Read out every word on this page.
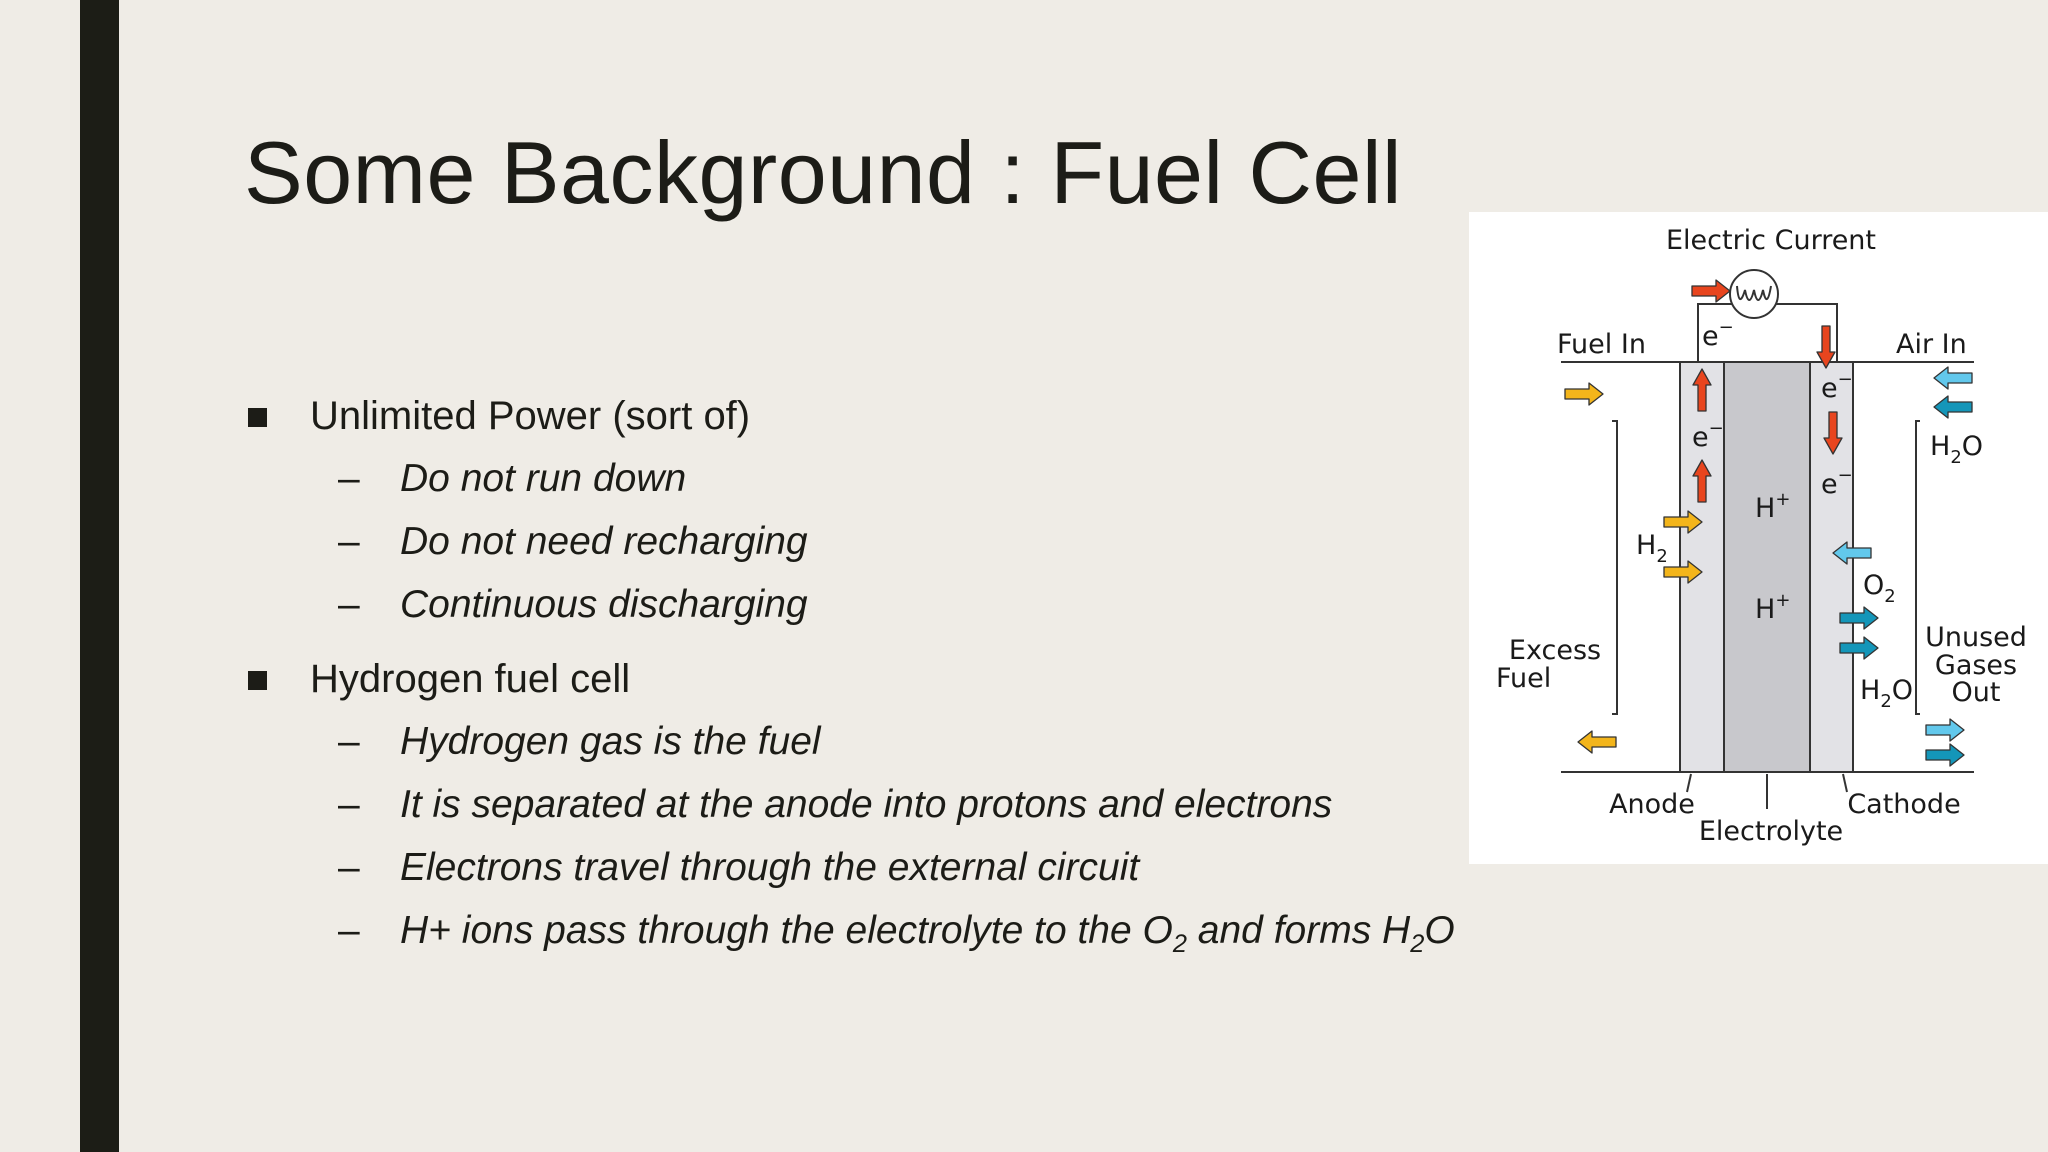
Some Background : Fuel Cell
Unlimited Power (sort of)
– Do not run down
– Do not need recharging
– Continuous discharging
Hydrogen fuel cell
– Hydrogen gas is the fuel
– It is separated at the anode into protons and electrons
– Electrons travel through the external circuit
– H+ ions pass through the electrolyte to the $O_2$ and forms $H_2O$
Electric Current
Fuel In	Air In
e−
e−
e−
e−
H+
H+
$H_2$
$O_2$
$H_2O$
$H_2O$
Excess
Fuel
Unused
Gases
Out
Anode
Electrolyte
Cathode
